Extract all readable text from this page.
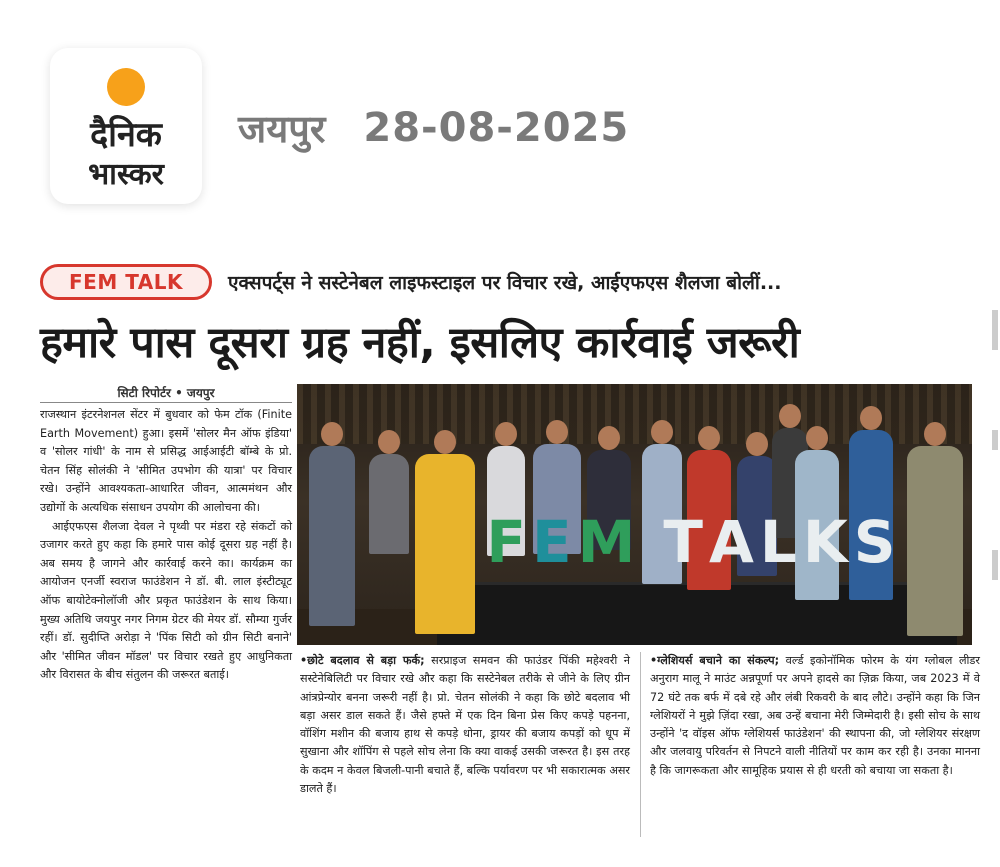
दैनिक
भास्कर
जयपुर 28-08-2025
FEM TALK एक्सपर्ट्स ने सस्टेनेबल लाइफस्टाइल पर विचार रखे, आईएफएस शैलजा बोलीं...
हमारे पास दूसरा ग्रह नहीं, इसलिए कार्रवाई जरूरी
सिटी रिपोर्टर • जयपुर

राजस्थान इंटरनेशनल सेंटर में बुधवार को फेम टॉक (Finite Earth Movement) हुआ। इसमें 'सोलर मैन ऑफ इंडिया' व 'सोलर गांधी' के नाम से प्रसिद्ध आईआईटी बॉम्बे के प्रो. चेतन सिंह सोलंकी ने 'सीमित उपभोग की यात्रा' पर विचार रखे। उन्होंने आवश्यकता-आधारित जीवन, आत्ममंथन और उद्योगों के अत्यधिक संसाधन उपयोग की आलोचना की।

आईएफएस शैलजा देवल ने पृथ्वी पर मंडरा रहे संकटों को उजागर करते हुए कहा कि हमारे पास कोई दूसरा ग्रह नहीं है। अब समय है जागने और कार्रवाई करने का। कार्यक्रम का आयोजन एनर्जी स्वराज फाउंडेशन ने डॉ. बी. लाल इंस्टीट्यूट ऑफ बायोटेक्नोलॉजी और प्रकृत फाउंडेशन के साथ किया। मुख्य अतिथि जयपुर नगर निगम ग्रेटर की मेयर डॉ. सौम्या गुर्जर रहीं। डॉ. सुदीप्ति अरोड़ा ने 'पिंक सिटी को ग्रीन सिटी बनाने' और 'सीमित जीवन मॉडल' पर विचार रखते हुए आधुनिकता और विरासत के बीच संतुलन की जरूरत बताई।

F E M T A L K S
•छोटे बदलाव से बड़ा फर्क; सरप्राइज समवन की फाउंडर पिंकी महेश्वरी ने सस्टेनेबिलिटी पर विचार रखे और कहा कि सस्टेनेबल तरीके से जीने के लिए ग्रीन आंत्रप्रेन्योर बनना जरूरी नहीं है। प्रो. चेतन सोलंकी ने कहा कि छोटे बदलाव भी बड़ा असर डाल सकते हैं। जैसे हफ्ते में एक दिन बिना प्रेस किए कपड़े पहनना, वॉशिंग मशीन की बजाय हाथ से कपड़े धोना, ड्रायर की बजाय कपड़ों को धूप में सुखाना और शॉपिंग से पहले सोच लेना कि क्या वाकई उसकी जरूरत है। इस तरह के कदम न केवल बिजली-पानी बचाते हैं, बल्कि पर्यावरण पर भी सकारात्मक असर डालते हैं।
•ग्लेशियर्स बचाने का संकल्प; वर्ल्ड इकोनॉमिक फोरम के यंग ग्लोबल लीडर अनुराग मालू ने माउंट अन्नपूर्णा पर अपने हादसे का ज़िक्र किया, जब 2023 में वे 72 घंटे तक बर्फ में दबे रहे और लंबी रिकवरी के बाद लौटे। उन्होंने कहा कि जिन ग्लेशियरों ने मुझे ज़िंदा रखा, अब उन्हें बचाना मेरी जिम्मेदारी है। इसी सोच के साथ उन्होंने 'द वॉइस ऑफ ग्लेशियर्स फाउंडेशन' की स्थापना की, जो ग्लेशियर संरक्षण और जलवायु परिवर्तन से निपटने वाली नीतियों पर काम कर रही है। उनका मानना है कि जागरूकता और सामूहिक प्रयास से ही धरती को बचाया जा सकता है।
